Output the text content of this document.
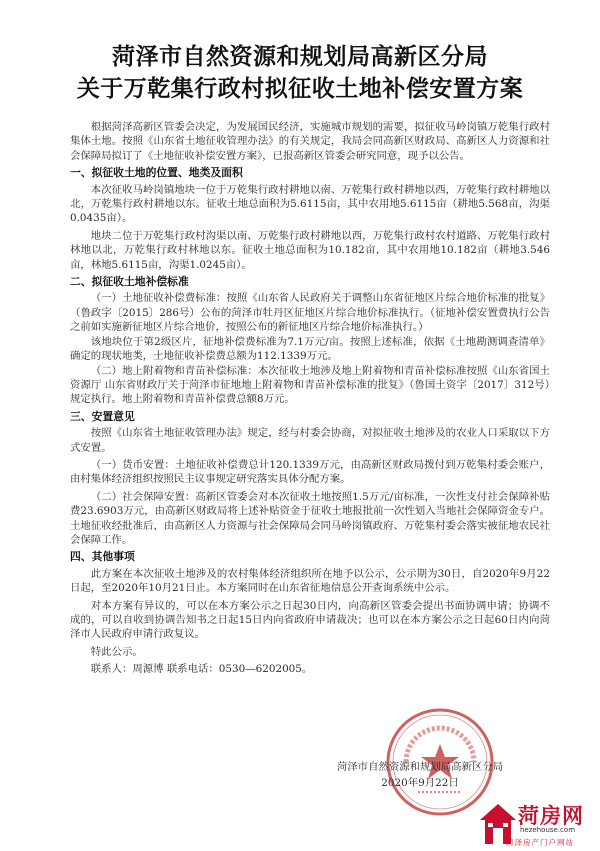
菏泽市自然资源和规划局高新区分局
关于万乾集行政村拟征收土地补偿安置方案

根据菏泽高新区管委会决定，为发展国民经济，实施城市规划的需要，拟征收马岭岗镇万乾集行政村集体土地。按照《山东省土地征收管理办法》的有关规定，我局会同高新区财政局、高新区人力资源和社会保障局拟订了《土地征收补偿安置方案》，已报高新区管委会研究同意，现予以公告。

一、拟征收土地的位置、地类及面积

本次征收马岭岗镇地块一位于万乾集行政村耕地以南、万乾集行政村耕地以西，万乾集行政村耕地以北，万乾集行政村耕地以东。征收土地总面积为5.6115亩，其中农用地5.6115亩（耕地5.568亩，沟渠0.0435亩）。

地块二位于万乾集行政村沟渠以南、万乾集行政村耕地以西，万乾集行政村农村道路、万乾集行政村林地以北，万乾集行政村林地以东。征收土地总面积为10.182亩，其中农用地10.182亩（耕地3.546亩，林地5.6115亩，沟渠1.0245亩）。

二、拟征收土地补偿标准

（一）土地征收补偿费标准：按照《山东省人民政府关于调整山东省征地区片综合地价标准的批复》（鲁政字〔2015〕286号）公布的菏泽市牡丹区征地区片综合地价标准执行。（征地补偿安置费执行公告之前如实施新征地区片综合地价，按照公布的新征地区片综合地价标准执行。）

该地块位于第2级区片，征地补偿费标准为7.1万元/亩。按照上述标准，依据《土地勘测调查清单》确定的现状地类，土地征收补偿费总额为112.1339万元。

（二）地上附着物和青苗补偿标准：本次征收土地涉及地上附着物和青苗补偿标准按照《山东省国土资源厅 山东省财政厅关于菏泽市征地地上附着物和青苗补偿标准的批复》（鲁国土资字〔2017〕312号）规定执行。地上附着物和青苗补偿费总额8万元。

三、安置意见

按照《山东省土地征收管理办法》规定，经与村委会协商，对拟征收土地涉及的农业人口采取以下方式安置。

（一）货币安置：土地征收补偿费总计120.1339万元，由高新区财政局拨付到万乾集村委会账户，由村集体经济组织按照民主议事规定研究落实具体分配方案。

（二）社会保障安置：高新区管委会对本次征收土地按照1.5万元/亩标准，一次性支付社会保障补贴费23.6903万元，由高新区财政局将上述补贴资金于征收土地报批前一次性划入当地社会保障资金专户。土地征收经批准后，由高新区人力资源与社会保障局会同马岭岗镇政府、万乾集村委会落实被征地农民社会保障工作。

四、其他事项

此方案在本次征收土地涉及的农村集体经济组织所在地予以公示，公示期为30日，自2020年9月22日起，至2020年10月21日止。本方案同时在山东省征地信息公开查询系统中公示。

对本方案有异议的，可以在本方案公示之日起30日内，向高新区管委会提出书面协调申请；协调不成的，可以自收到协调告知书之日起15日内向省政府申请裁决；也可以在本方案公示之日起60日内向菏泽市人民政府申请行政复议。

特此公示。

联系人：周源博 联系电话：0530—6202005。

菏泽市自然资源和规划局高新区分局
2020年9月22日
菏房网
hezehouse.com
菏泽房产门户网站
